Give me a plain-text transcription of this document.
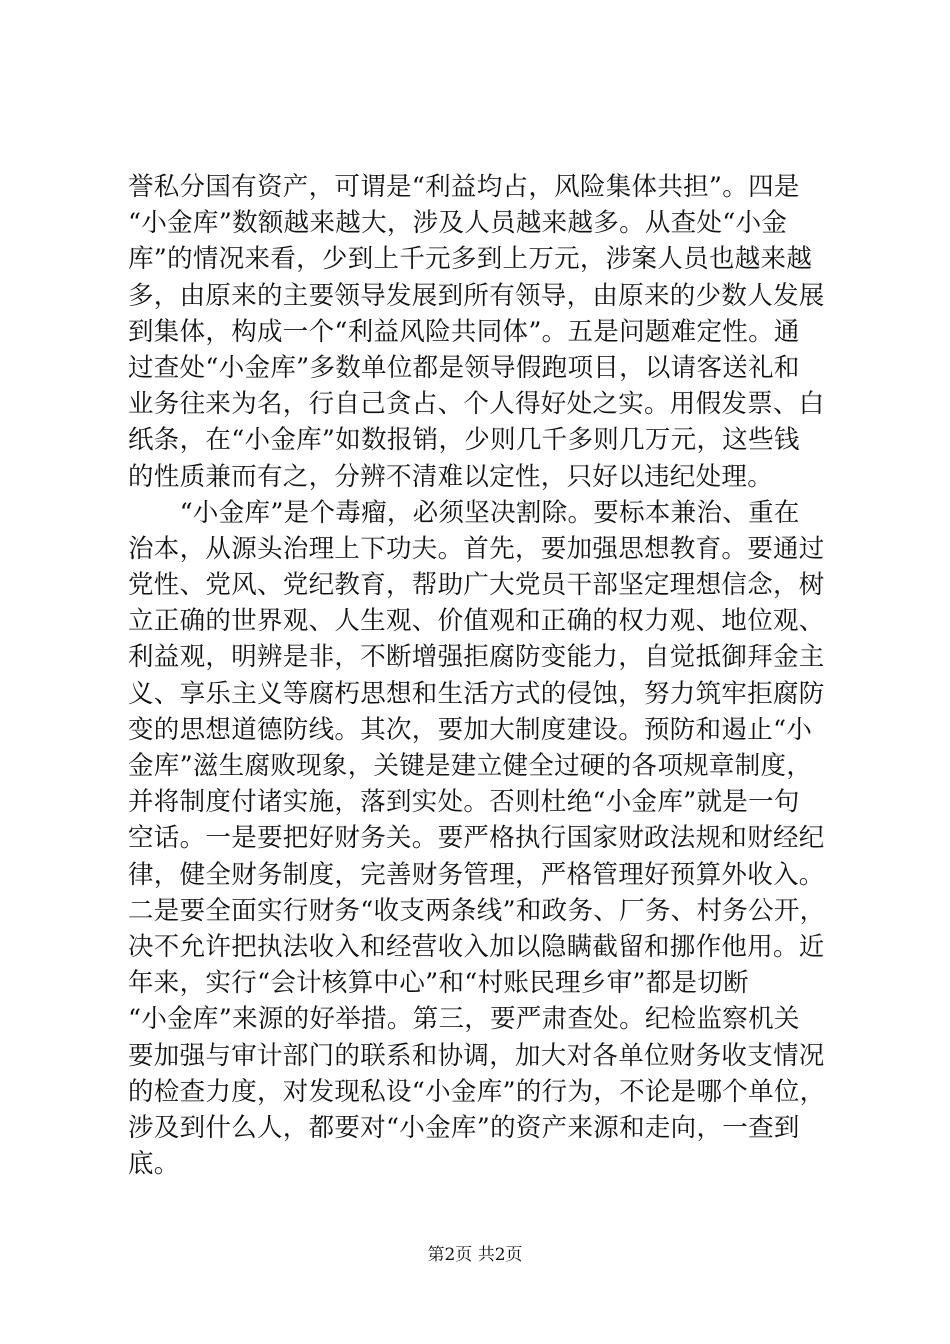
誉私分国有资产，可谓是“利益均占，风险集体共担”。四是
“小金库”数额越来越大，涉及人员越来越多。从查处“小金
库”的情况来看，少到上千元多到上万元，涉案人员也越来越
多，由原来的主要领导发展到所有领导，由原来的少数人发展
到集体，构成一个“利益风险共同体”。五是问题难定性。通
过查处“小金库”多数单位都是领导假跑项目，以请客送礼和
业务往来为名，行自己贪占、个人得好处之实。用假发票、白
纸条，在“小金库”如数报销，少则几千多则几万元，这些钱
的性质兼而有之，分辨不清难以定性，只好以违纪处理。
　　“小金库”是个毒瘤，必须坚决割除。要标本兼治、重在
治本，从源头治理上下功夫。首先，要加强思想教育。要通过
党性、党风、党纪教育，帮助广大党员干部坚定理想信念，树
立正确的世界观、人生观、价值观和正确的权力观、地位观、
利益观，明辨是非，不断增强拒腐防变能力，自觉抵御拜金主
义、享乐主义等腐朽思想和生活方式的侵蚀，努力筑牢拒腐防
变的思想道德防线。其次，要加大制度建设。预防和遏止“小
金库”滋生腐败现象，关键是建立健全过硬的各项规章制度，
并将制度付诸实施，落到实处。否则杜绝“小金库”就是一句
空话。一是要把好财务关。要严格执行国家财政法规和财经纪
律，健全财务制度，完善财务管理，严格管理好预算外收入。
二是要全面实行财务“收支两条线”和政务、厂务、村务公开，
决不允许把执法收入和经营收入加以隐瞒截留和挪作他用。近
年来，实行“会计核算中心”和“村账民理乡审”都是切断
“小金库”来源的好举措。第三，要严肃查处。纪检监察机关
要加强与审计部门的联系和协调，加大对各单位财务收支情况
的检查力度，对发现私设“小金库”的行为，不论是哪个单位，
涉及到什么人，都要对“小金库”的资产来源和走向，一查到
底。
第2页 共2页
